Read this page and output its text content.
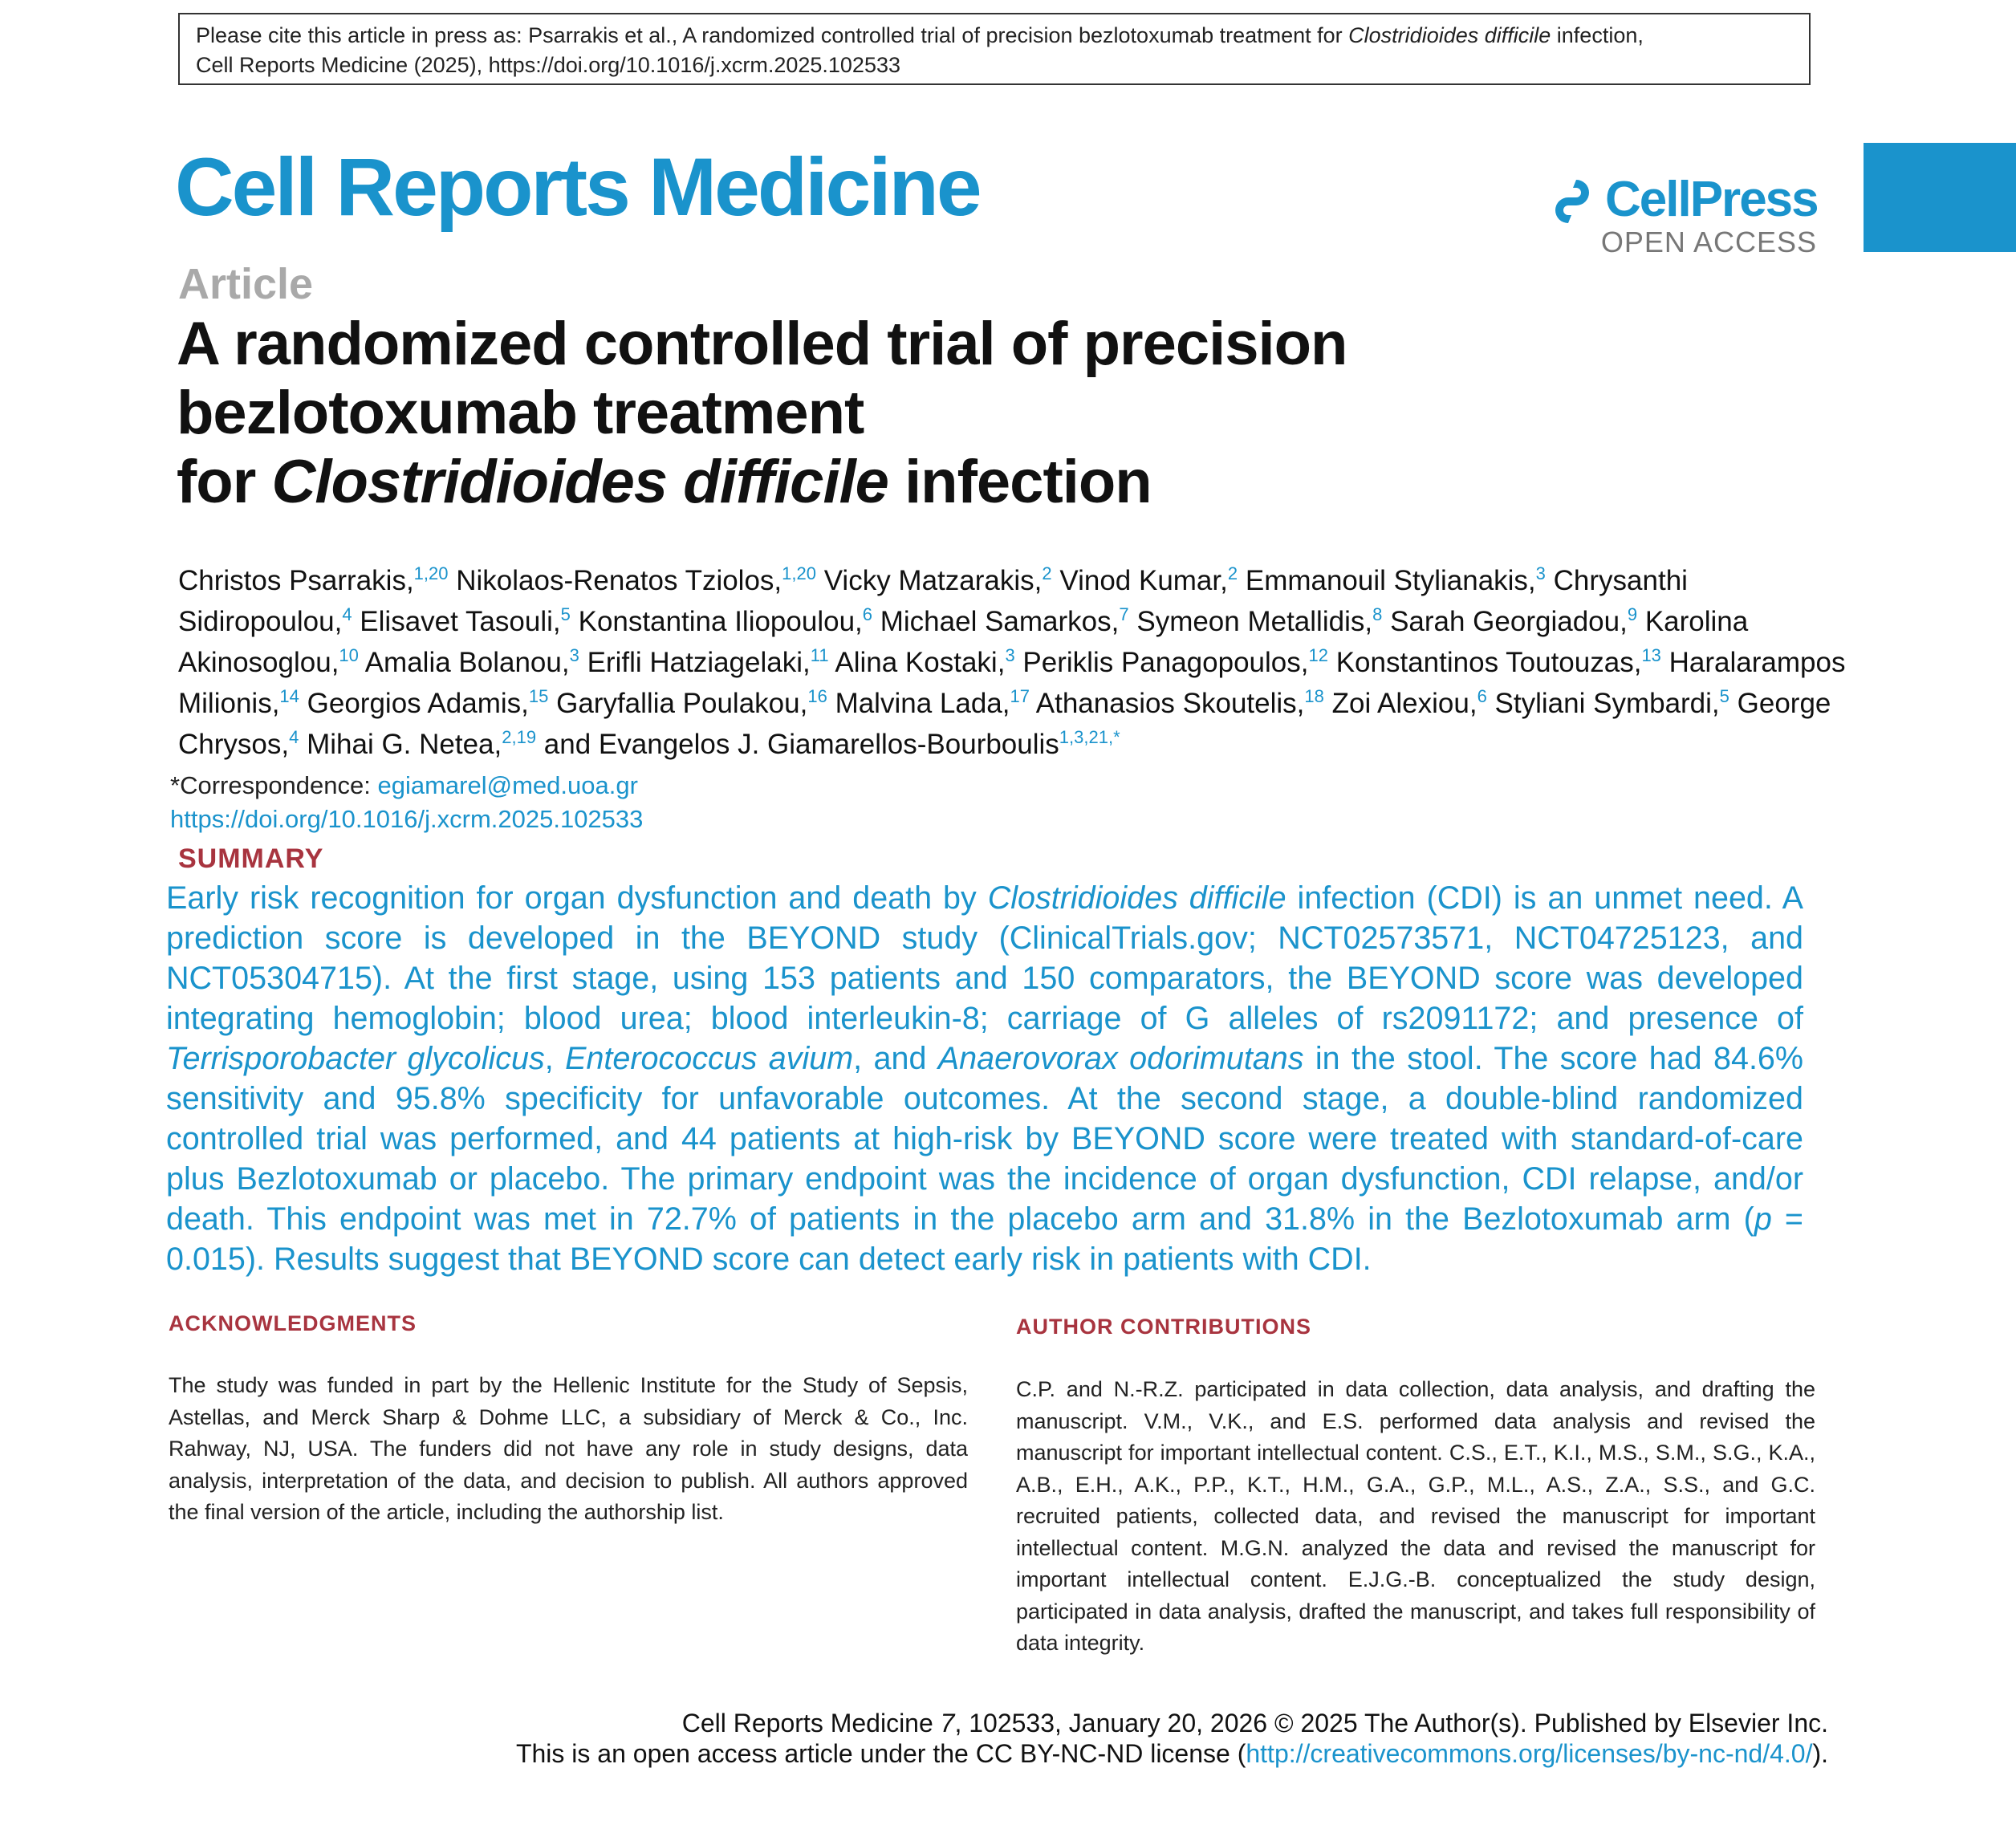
Please cite this article in press as: Psarrakis et al., A randomized controlled trial of precision bezlotoxumab treatment for Clostridioides difficile infection,
Cell Reports Medicine (2025), https://doi.org/10.1016/j.xcrm.2025.102533
Cell Reports Medicine	CellPress
OPEN ACCESS
Article
A randomized controlled trial of precision
bezlotoxumab treatment
for Clostridioides difficile infection
Christos Psarrakis,$^{1,20}$ Nikolaos-Renatos Tziolos,$^{1,20}$ Vicky Matzarakis,$^2$ Vinod Kumar,$^2$ Emmanouil Stylianakis,$^3$ Chrysanthi Sidiropoulou,$^4$ Elisavet Tasouli,$^5$ Konstantina Iliopoulou,$^6$ Michael Samarkos,$^7$ Symeon Metallidis,$^8$ Sarah Georgiadou,$^9$ Karolina Akinosoglou,$^{10}$ Amalia Bolanou,$^3$ Erifli Hatziagelaki,$^{11}$ Alina Kostaki,$^3$ Periklis Panagopoulos,$^{12}$ Konstantinos Toutouzas,$^{13}$ Haralarampos Milionis,$^{14}$ Georgios Adamis,$^{15}$ Garyfallia Poulakou,$^{16}$ Malvina Lada,$^{17}$ Athanasios Skoutelis,$^{18}$ Zoi Alexiou,$^6$ Styliani Symbardi,$^5$ George Chrysos,$^4$ Mihai G. Netea,$^{2,19}$ and Evangelos J. Giamarellos-Bourboulis$^{1,3,21,*}$
*Correspondence: egiamarel@med.uoa.gr
https://doi.org/10.1016/j.xcrm.2025.102533
SUMMARY
Early risk recognition for organ dysfunction and death by Clostridioides difficile infection (CDI) is an unmet need. A prediction score is developed in the BEYOND study (ClinicalTrials.gov; NCT02573571, NCT04725123, and NCT05304715). At the first stage, using 153 patients and 150 comparators, the BEYOND score was developed integrating hemoglobin; blood urea; blood interleukin-8; carriage of G alleles of rs2091172; and presence of Terrisporobacter glycolicus, Enterococcus avium, and Anaerovorax odorimutans in the stool. The score had 84.6% sensitivity and 95.8% specificity for unfavorable outcomes. At the second stage, a double-blind randomized controlled trial was performed, and 44 patients at high-risk by BEYOND score were treated with standard-of-care plus Bezlotoxumab or placebo. The primary endpoint was the incidence of organ dysfunction, CDI relapse, and/or death. This endpoint was met in 72.7% of patients in the placebo arm and 31.8% in the Bezlotoxumab arm (p = 0.015). Results suggest that BEYOND score can detect early risk in patients with CDI.
ACKNOWLEDGMENTS
The study was funded in part by the Hellenic Institute for the Study of Sepsis, Astellas, and Merck Sharp & Dohme LLC, a subsidiary of Merck & Co., Inc. Rahway, NJ, USA. The funders did not have any role in study designs, data analysis, interpretation of the data, and decision to publish. All authors approved the final version of the article, including the authorship list.
AUTHOR CONTRIBUTIONS
C.P. and N.-R.Z. participated in data collection, data analysis, and drafting the manuscript. V.M., V.K., and E.S. performed data analysis and revised the manuscript for important intellectual content. C.S., E.T., K.I., M.S., S.M., S.G., K.A., A.B., E.H., A.K., P.P., K.T., H.M., G.A., G.P., M.L., A.S., Z.A., S.S., and G.C. recruited patients, collected data, and revised the manuscript for important intellectual content. M.G.N. analyzed the data and revised the manuscript for important intellectual content. E.J.G.-B. conceptualized the study design, participated in data analysis, drafted the manuscript, and takes full responsibility of data integrity.
Cell Reports Medicine 7, 102533, January 20, 2026 © 2025 The Author(s). Published by Elsevier Inc.
This is an open access article under the CC BY-NC-ND license (http://creativecommons.org/licenses/by-nc-nd/4.0/).
